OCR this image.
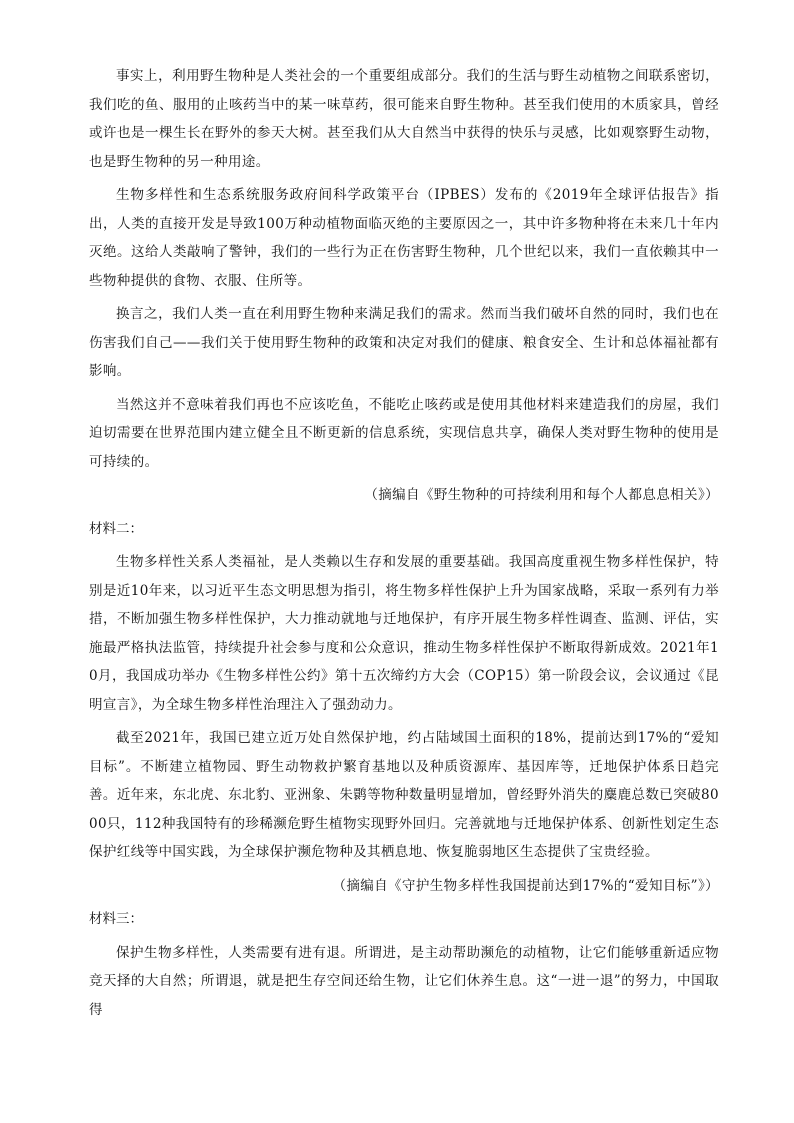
事实上，利用野生物种是人类社会的一个重要组成部分。我们的生活与野生动植物之间联系密切，我们吃的鱼、服用的止咳药当中的某一味草药，很可能来自野生物种。甚至我们使用的木质家具，曾经或许也是一棵生长在野外的参天大树。甚至我们从大自然当中获得的快乐与灵感，比如观察野生动物，也是野生物种的另一种用途。

生物多样性和生态系统服务政府间科学政策平台（IPBES）发布的《2019年全球评估报告》指出，人类的直接开发是导致100万种动植物面临灭绝的主要原因之一，其中许多物种将在未来几十年内灭绝。这给人类敲响了警钟，我们的一些行为正在伤害野生物种，几个世纪以来，我们一直依赖其中一些物种提供的食物、衣服、住所等。

换言之，我们人类一直在利用野生物种来满足我们的需求。然而当我们破坏自然的同时，我们也在伤害我们自己——我们关于使用野生物种的政策和决定对我们的健康、粮食安全、生计和总体福祉都有影响。

当然这并不意味着我们再也不应该吃鱼，不能吃止咳药或是使用其他材料来建造我们的房屋，我们迫切需要在世界范围内建立健全且不断更新的信息系统，实现信息共享，确保人类对野生物种的使用是可持续的。

（摘编自《野生物种的可持续利用和每个人都息息相关》）

材料二：

生物多样性关系人类福祉，是人类赖以生存和发展的重要基础。我国高度重视生物多样性保护，特别是近10年来，以习近平生态文明思想为指引，将生物多样性保护上升为国家战略，采取一系列有力举措，不断加强生物多样性保护，大力推动就地与迁地保护，有序开展生物多样性调查、监测、评估，实施最严格执法监管，持续提升社会参与度和公众意识，推动生物多样性保护不断取得新成效。2021年10月，我国成功举办《生物多样性公约》第十五次缔约方大会（COP15）第一阶段会议，会议通过《昆明宣言》，为全球生物多样性治理注入了强劲动力。

截至2021年，我国已建立近万处自然保护地，约占陆域国土面积的18%，提前达到17%的“爱知目标”。不断建立植物园、野生动物救护繁育基地以及种质资源库、基因库等，迁地保护体系日趋完善。近年来，东北虎、东北豹、亚洲象、朱鹮等物种数量明显增加，曾经野外消失的麋鹿总数已突破8000只，112种我国特有的珍稀濒危野生植物实现野外回归。完善就地与迁地保护体系、创新性划定生态保护红线等中国实践，为全球保护濒危物种及其栖息地、恢复脆弱地区生态提供了宝贵经验。

（摘编自《守护生物多样性我国提前达到17%的“爱知目标”》）

材料三：

保护生物多样性，人类需要有进有退。所谓进，是主动帮助濒危的动植物，让它们能够重新适应物竞天择的大自然；所谓退，就是把生存空间还给生物，让它们休养生息。这“一进一退”的努力，中国取得
